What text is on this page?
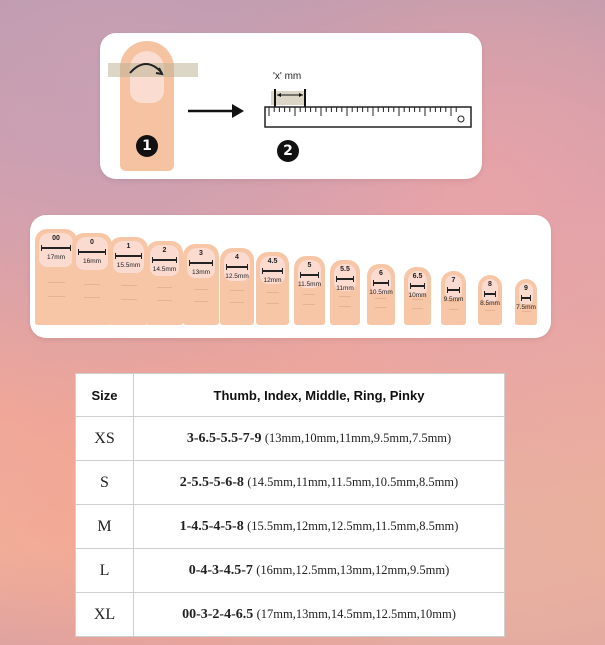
1
'x' mm
2
00
17mm
0
16mm
1
15.5mm
2
14.5mm
3
13mm
4
12.5mm
4.5
12mm
5
11.5mm
5.5
11mm
6
10.5mm
6.5
10mm
7
9.5mm
8
8.5mm
9
7.5mm
Size	Thumb, Index, Middle, Ring, Pinky
XS	3-6.5-5.5-7-9 (13mm,10mm,11mm,9.5mm,7.5mm)
S	2-5.5-5-6-8 (14.5mm,11mm,11.5mm,10.5mm,8.5mm)
M	1-4.5-4-5-8 (15.5mm,12mm,12.5mm,11.5mm,8.5mm)
L	0-4-3-4.5-7 (16mm,12.5mm,13mm,12mm,9.5mm)
XL	00-3-2-4-6.5 (17mm,13mm,14.5mm,12.5mm,10mm)
